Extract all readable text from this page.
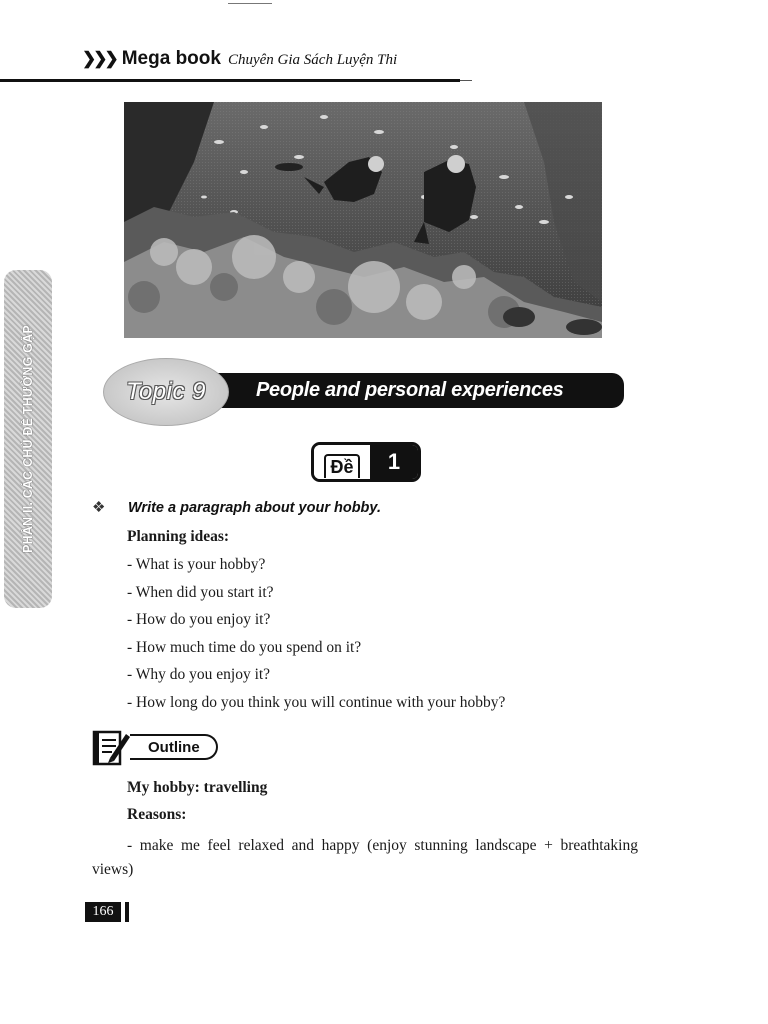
❯❯❯ Mega book Chuyên Gia Sách Luyện Thi
PHẦN II. CÁC CHỦ ĐỀ THƯỜNG GẶP	People and personal experiences
Topic 9
Đề	1
❖	Write a paragraph about your hobby.
Planning ideas:
- What is your hobby?
- When did you start it?
- How do you enjoy it?
- How much time do you spend on it?
- Why do you enjoy it?
- How long do you think you will continue with your hobby?
Outline
My hobby: travelling
Reasons:
- make me feel relaxed and happy (enjoy stunning landscape + breathtaking views)
166
